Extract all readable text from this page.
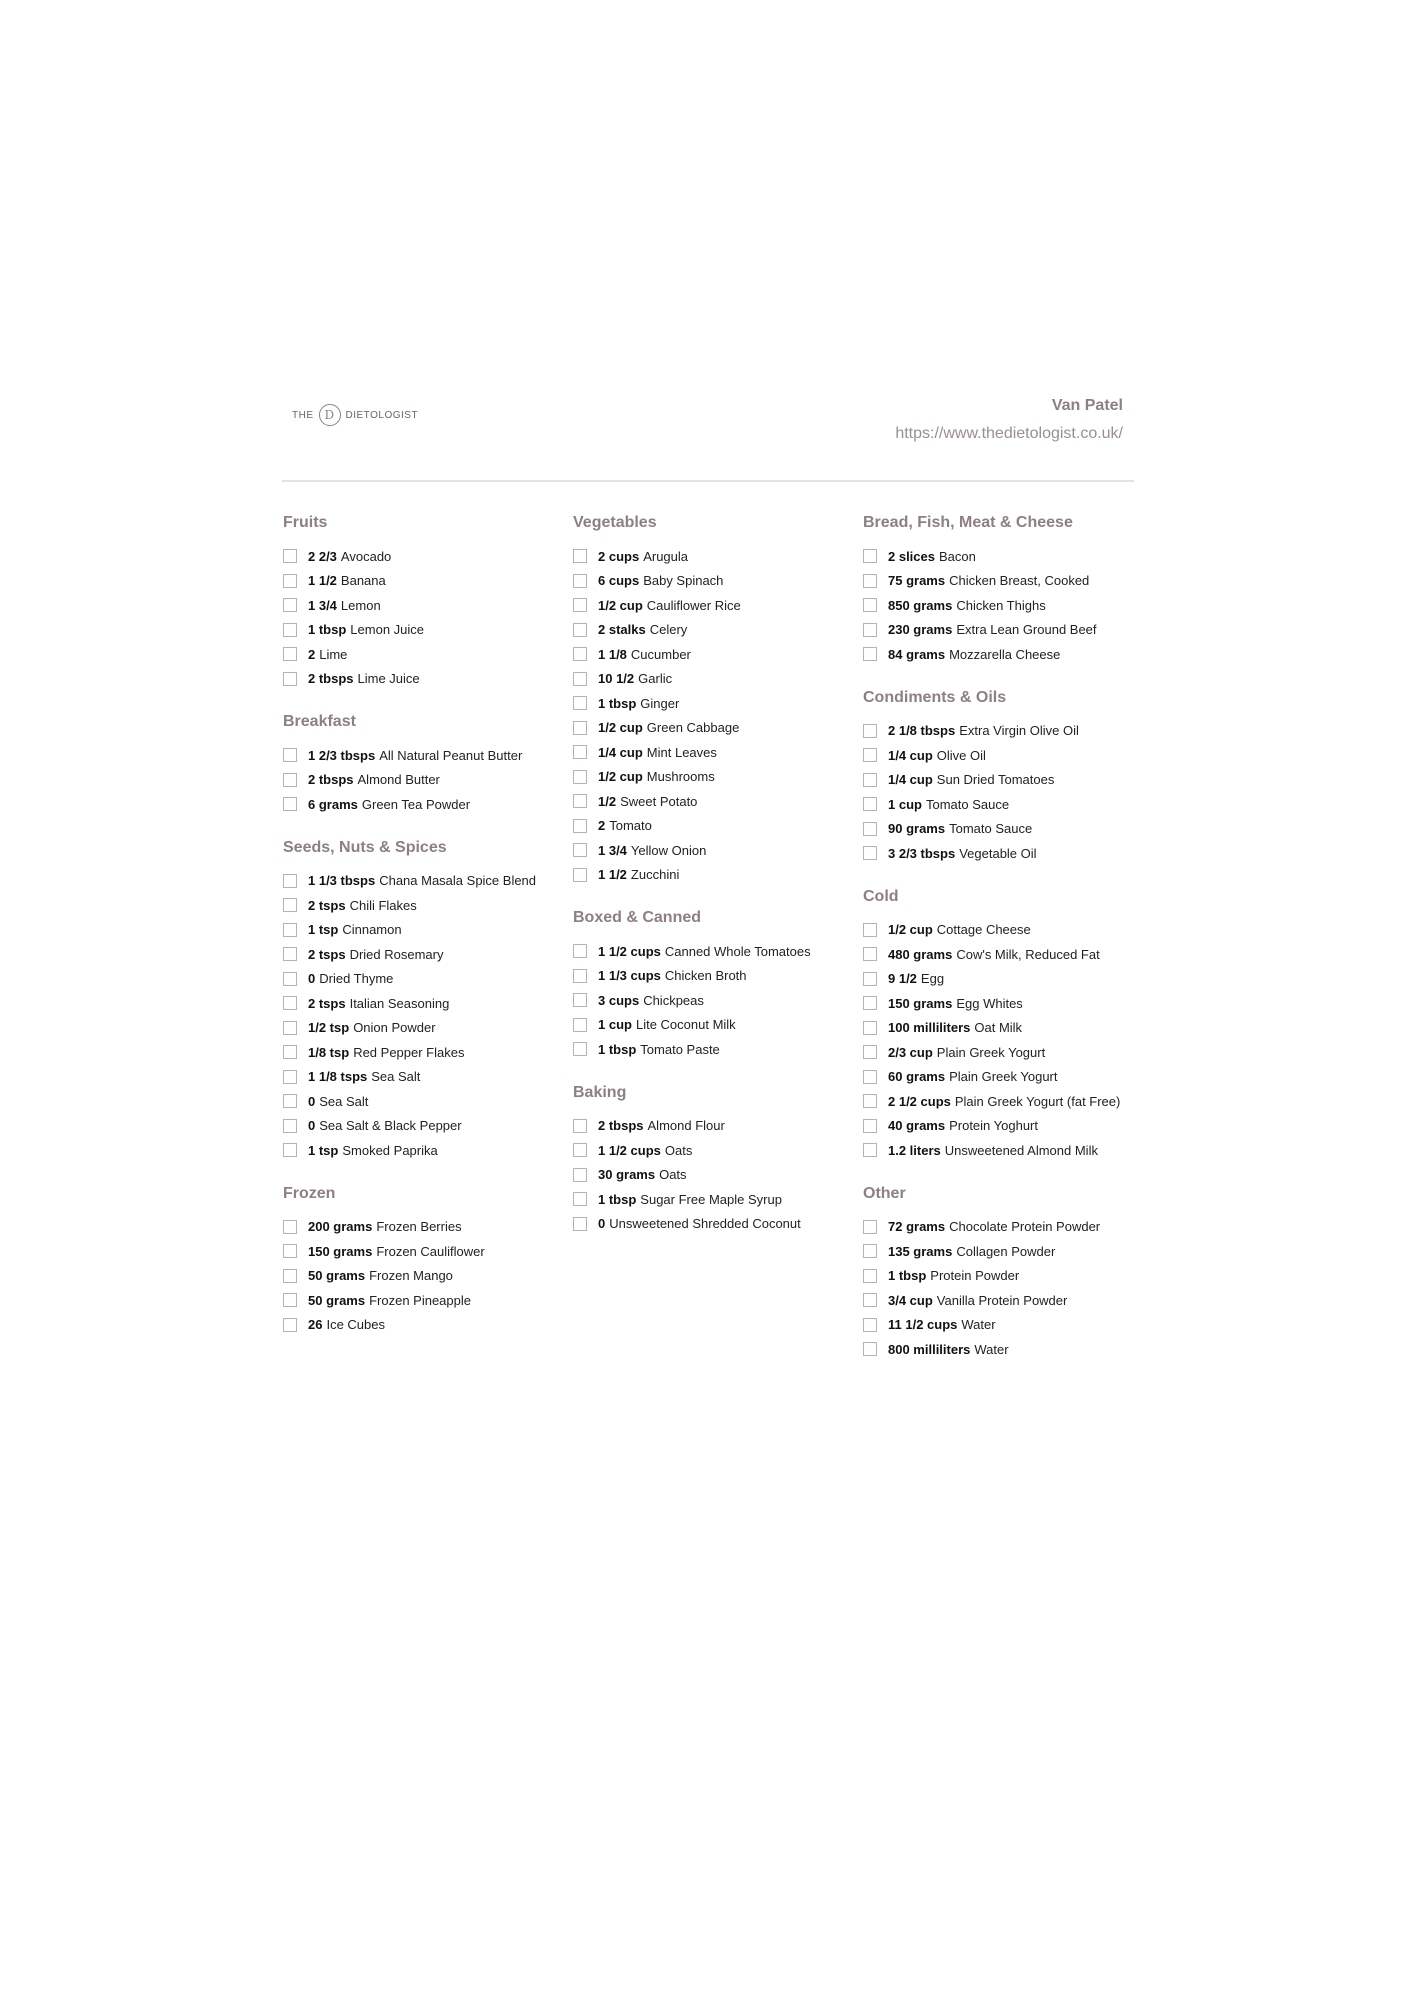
THE D	DIETOLOGIST
Van Patel
https://www.thedietologist.co.uk/
Fruits
2 2/3 Avocado
1 1/2 Banana
1 3/4 Lemon
1 tbsp Lemon Juice
2 Lime
2 tbsps Lime Juice
Breakfast
1 2/3 tbsps All Natural Peanut Butter
2 tbsps Almond Butter
6 grams Green Tea Powder
Seeds, Nuts & Spices
1 1/3 tbsps Chana Masala Spice Blend
2 tsps Chili Flakes
1 tsp Cinnamon
2 tsps Dried Rosemary
0 Dried Thyme
2 tsps Italian Seasoning
1/2 tsp Onion Powder
1/8 tsp Red Pepper Flakes
1 1/8 tsps Sea Salt
0 Sea Salt
0 Sea Salt & Black Pepper
1 tsp Smoked Paprika
Frozen
200 grams Frozen Berries
150 grams Frozen Cauliflower
50 grams Frozen Mango
50 grams Frozen Pineapple
26 Ice Cubes
Vegetables
2 cups Arugula
6 cups Baby Spinach
1/2 cup Cauliflower Rice
2 stalks Celery
1 1/8 Cucumber
10 1/2 Garlic
1 tbsp Ginger
1/2 cup Green Cabbage
1/4 cup Mint Leaves
1/2 cup Mushrooms
1/2 Sweet Potato
2 Tomato
1 3/4 Yellow Onion
1 1/2 Zucchini
Boxed & Canned
1 1/2 cups Canned Whole Tomatoes
1 1/3 cups Chicken Broth
3 cups Chickpeas
1 cup Lite Coconut Milk
1 tbsp Tomato Paste
Baking
2 tbsps Almond Flour
1 1/2 cups Oats
30 grams Oats
1 tbsp Sugar Free Maple Syrup
0 Unsweetened Shredded Coconut
Bread, Fish, Meat & Cheese
2 slices Bacon
75 grams Chicken Breast, Cooked
850 grams Chicken Thighs
230 grams Extra Lean Ground Beef
84 grams Mozzarella Cheese
Condiments & Oils
2 1/8 tbsps Extra Virgin Olive Oil
1/4 cup Olive Oil
1/4 cup Sun Dried Tomatoes
1 cup Tomato Sauce
90 grams Tomato Sauce
3 2/3 tbsps Vegetable Oil
Cold
1/2 cup Cottage Cheese
480 grams Cow's Milk, Reduced Fat
9 1/2 Egg
150 grams Egg Whites
100 milliliters Oat Milk
2/3 cup Plain Greek Yogurt
60 grams Plain Greek Yogurt
2 1/2 cups Plain Greek Yogurt (fat Free)
40 grams Protein Yoghurt
1.2 liters Unsweetened Almond Milk
Other
72 grams Chocolate Protein Powder
135 grams Collagen Powder
1 tbsp Protein Powder
3/4 cup Vanilla Protein Powder
11 1/2 cups Water
800 milliliters Water
